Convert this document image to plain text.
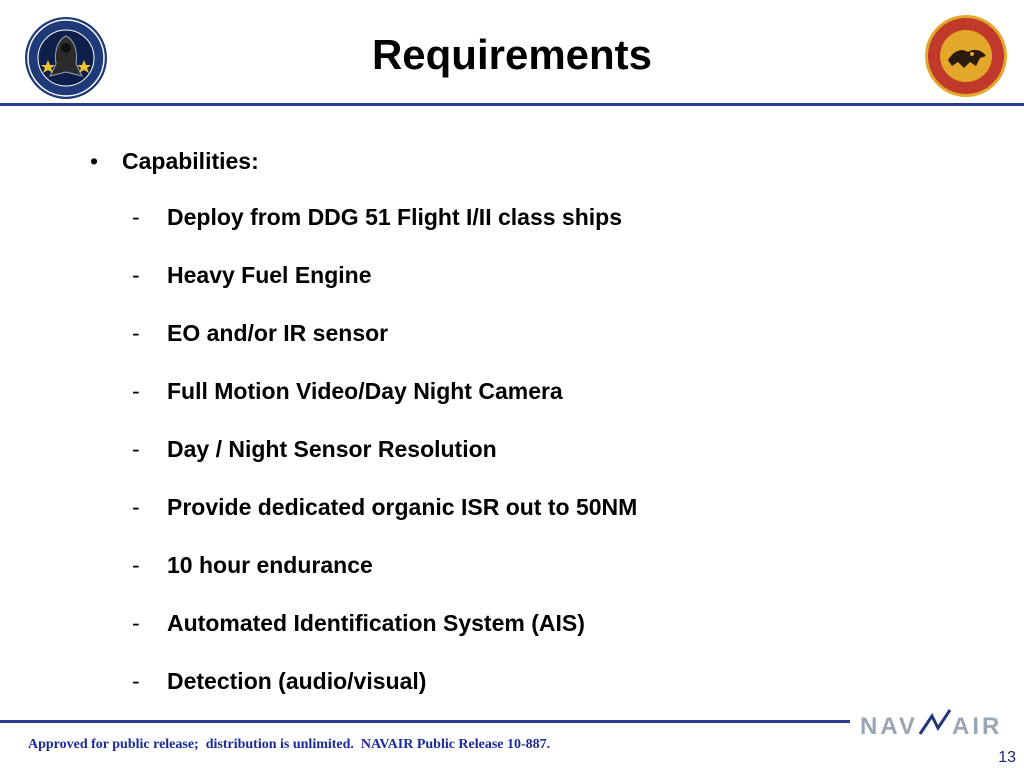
Requirements
• Capabilities:
- Deploy from DDG 51 Flight I/II class ships
- Heavy Fuel Engine
- EO and/or IR sensor
- Full Motion Video/Day Night Camera
- Day / Night Sensor Resolution
- Provide dedicated organic ISR out to 50NM
- 10 hour endurance
- Automated Identification System (AIS)
- Detection (audio/visual)
NAV AIR
Approved for public release;  distribution is unlimited.  NAVAIR Public Release 10-887.
13
